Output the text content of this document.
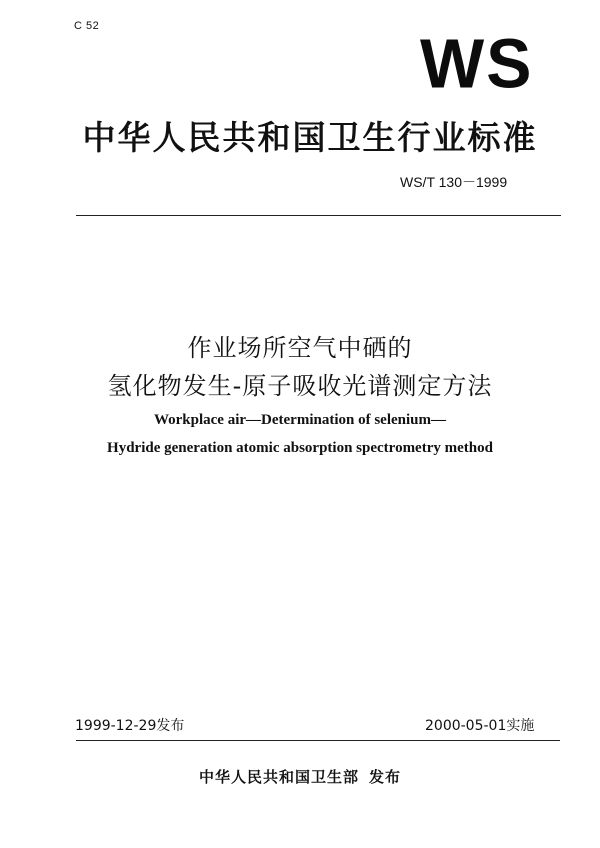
C 52	WS
中华人民共和国卫生行业标准
WS/T 130－1999
作业场所空气中硒的
氢化物发生-原子吸收光谱测定方法
Workplace air—Determination of selenium—
Hydride generation atomic absorption spectrometry method
1999-12-29发布	2000-05-01实施
中华人民共和国卫生部 发布
